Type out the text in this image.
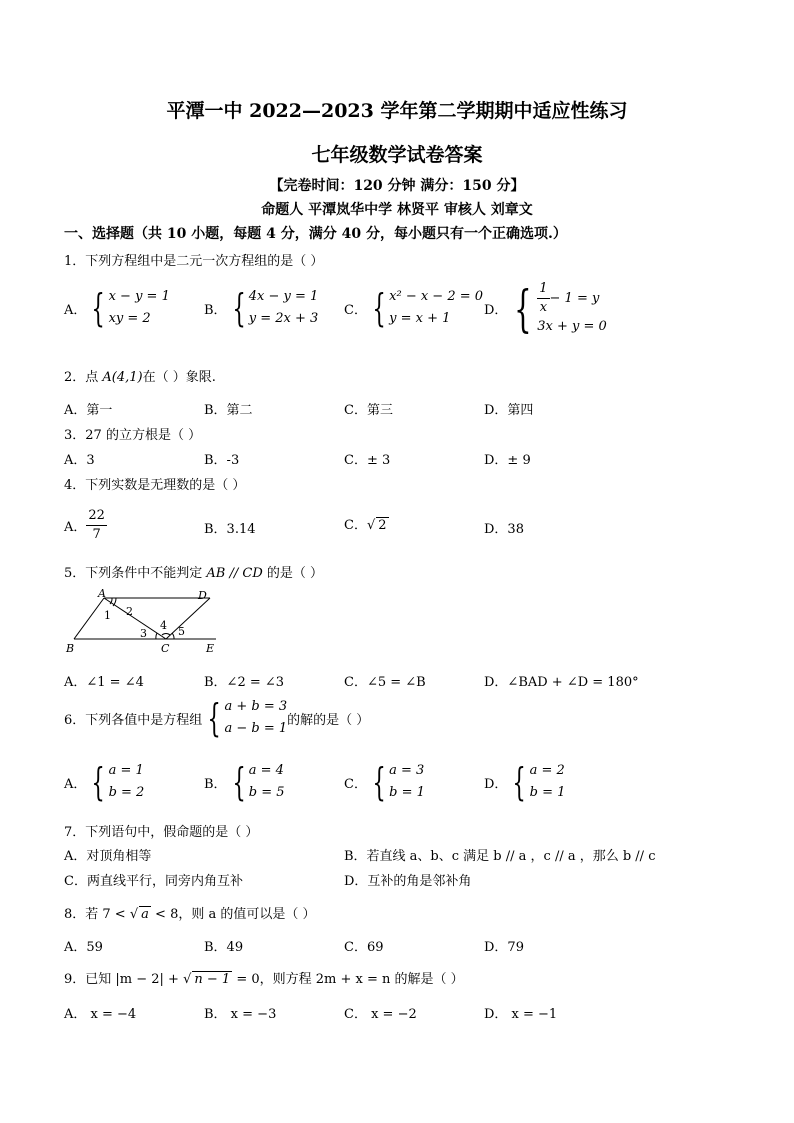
平潭一中 2022—2023 学年第二学期期中适应性练习
七年级数学试卷答案
【完卷时间：120 分钟 满分：150 分】
命题人 平潭岚华中学 林贤平 审核人 刘章文
一、选择题（共 10 小题，每题 4 分，满分 40 分，每小题只有一个正确选项.）
1．下列方程组中是二元一次方程组的是（ ）
A． { x − y = 1
xy = 2
B． { 4x − y = 1
y = 2x + 3
C． { x² − x − 2 = 0
y = x + 1
D． { $\frac{1}{x} - 1 = y$
3x + y = 0
2．点 A(4,1)在（ ）象限.
A．第一	B．第二	C．第三	D．第四
3．27 的立方根是（ ）
A．3	B．-3	C．± 3	D．± 9
4．下列实数是无理数的是（ ）
A． $\frac{22}{7}$	B．3.14	C．√ 2	D．38
5．下列条件中不能判定 AB // CD 的是（ ）
A	D
B	C	E
1 2
3
4 5
A．∠1 = ∠4	B．∠2 = ∠3	C．∠5 = ∠B	D．∠BAD + ∠D = 180°
6．下列各值中是方程组 { a + b = 3
a − b = 1
的解的是（ ）
A． { a = 1
b = 2
B． { a = 4
b = 5
C． { a = 3
b = 1
D． { a = 2
b = 1
7．下列语句中，假命题的是（ ）
A．对顶角相等	B．若直线 a、b、c 满足 b // a ，c // a ，那么 b // c
C．两直线平行，同旁内角互补	D．互补的角是邻补角
8．若 7 < √ a < 8，则 a 的值可以是（ ）
A．59	B．49	C．69	D．79
9．已知 |m − 2| + √ n − 1 = 0，则方程 2m + x = n 的解是（ ）
A． x = −4	B． x = −3	C． x = −2	D． x = −1
